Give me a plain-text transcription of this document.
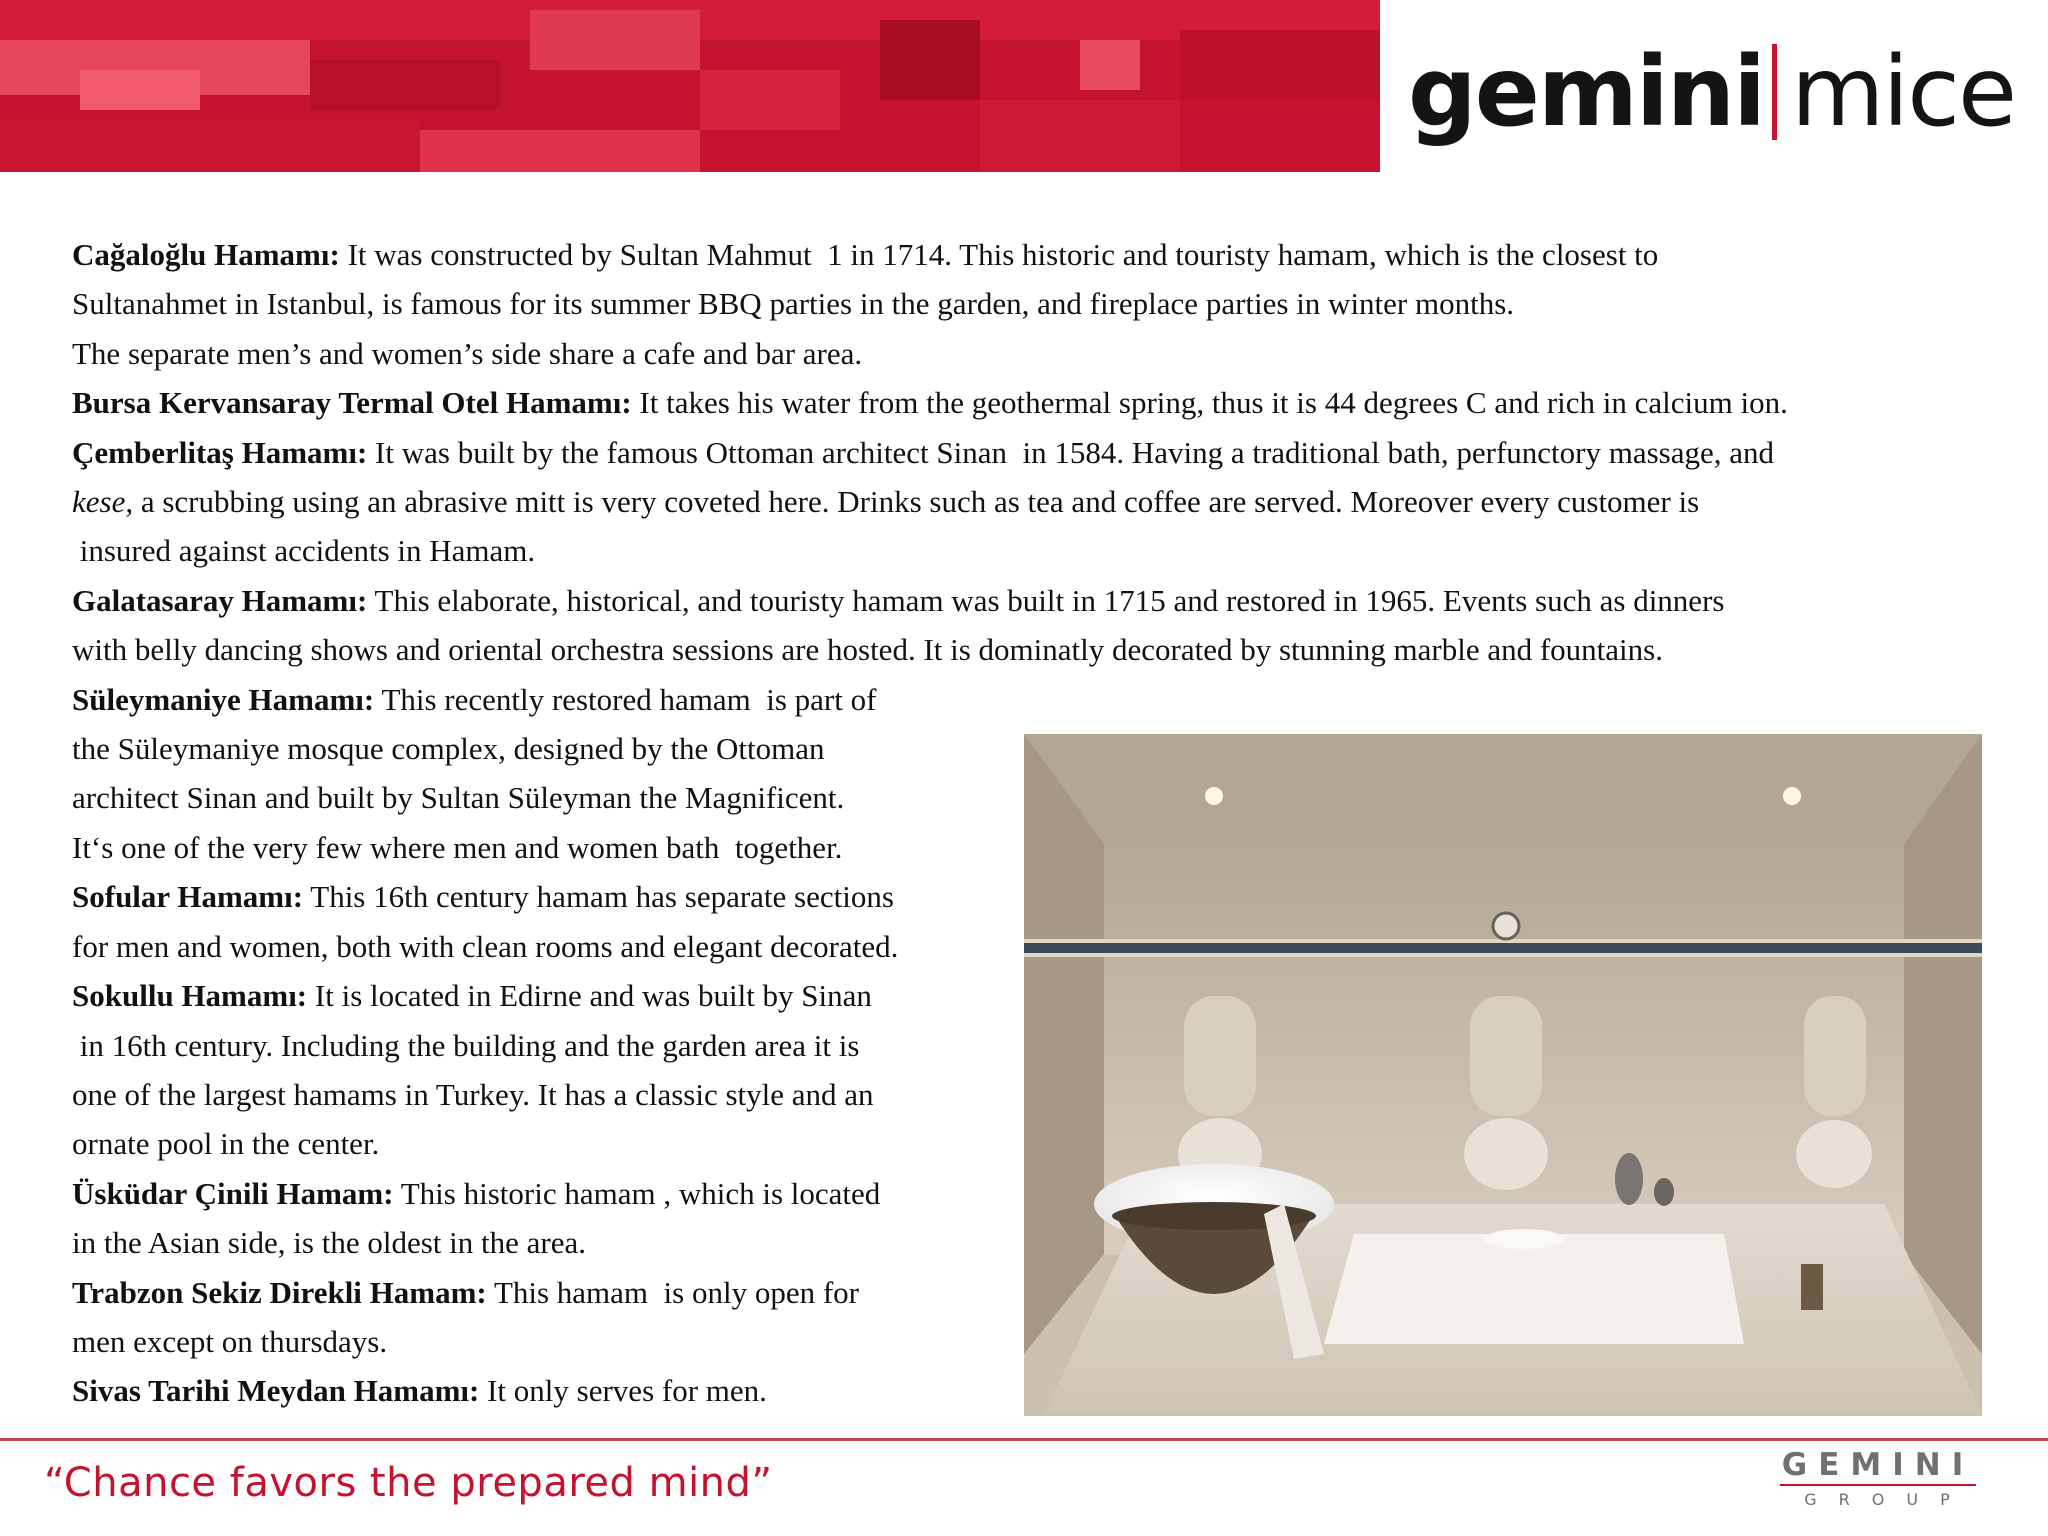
gemini mice

Cağaloğlu Hamamı: It was constructed by Sultan Mahmut  1 in 1714. This historic and touristy hamam, which is the closest to
Sultanahmet in Istanbul, is famous for its summer BBQ parties in the garden, and fireplace parties in winter months.
The separate men’s and women’s side share a cafe and bar area.

Bursa Kervansaray Termal Otel Hamamı: It takes his water from the geothermal spring, thus it is 44 degrees C and rich in calcium ion.

Çemberlitaş Hamamı: It was built by the famous Ottoman architect Sinan  in 1584. Having a traditional bath, perfunctory massage, and
kese, a scrubbing using an abrasive mitt is very coveted here. Drinks such as tea and coffee are served. Moreover every customer is
insured against accidents in Hamam.

Galatasaray Hamamı: This elaborate, historical, and touristy hamam was built in 1715 and restored in 1965. Events such as dinners
with belly dancing shows and oriental orchestra sessions are hosted. It is dominatly decorated by stunning marble and fountains.

Süleymaniye Hamamı: This recently restored hamam  is part of
the Süleymaniye mosque complex, designed by the Ottoman
architect Sinan and built by Sultan Süleyman the Magnificent.
It‘s one of the very few where men and women bath  together.

Sofular Hamamı: This 16th century hamam has separate sections
for men and women, both with clean rooms and elegant decorated.

Sokullu Hamamı: It is located in Edirne and was built by Sinan
in 16th century. Including the building and the garden area it is
one of the largest hamams in Turkey. It has a classic style and an
ornate pool in the center.

Üsküdar Çinili Hamam: This historic hamam , which is located
in the Asian side, is the oldest in the area.

Trabzon Sekiz Direkli Hamam: This hamam  is only open for
men except on thursdays.

Sivas Tarihi Meydan Hamamı: It only serves for men.

“Chance favors the prepared mind”	GEMINI
GROUP
